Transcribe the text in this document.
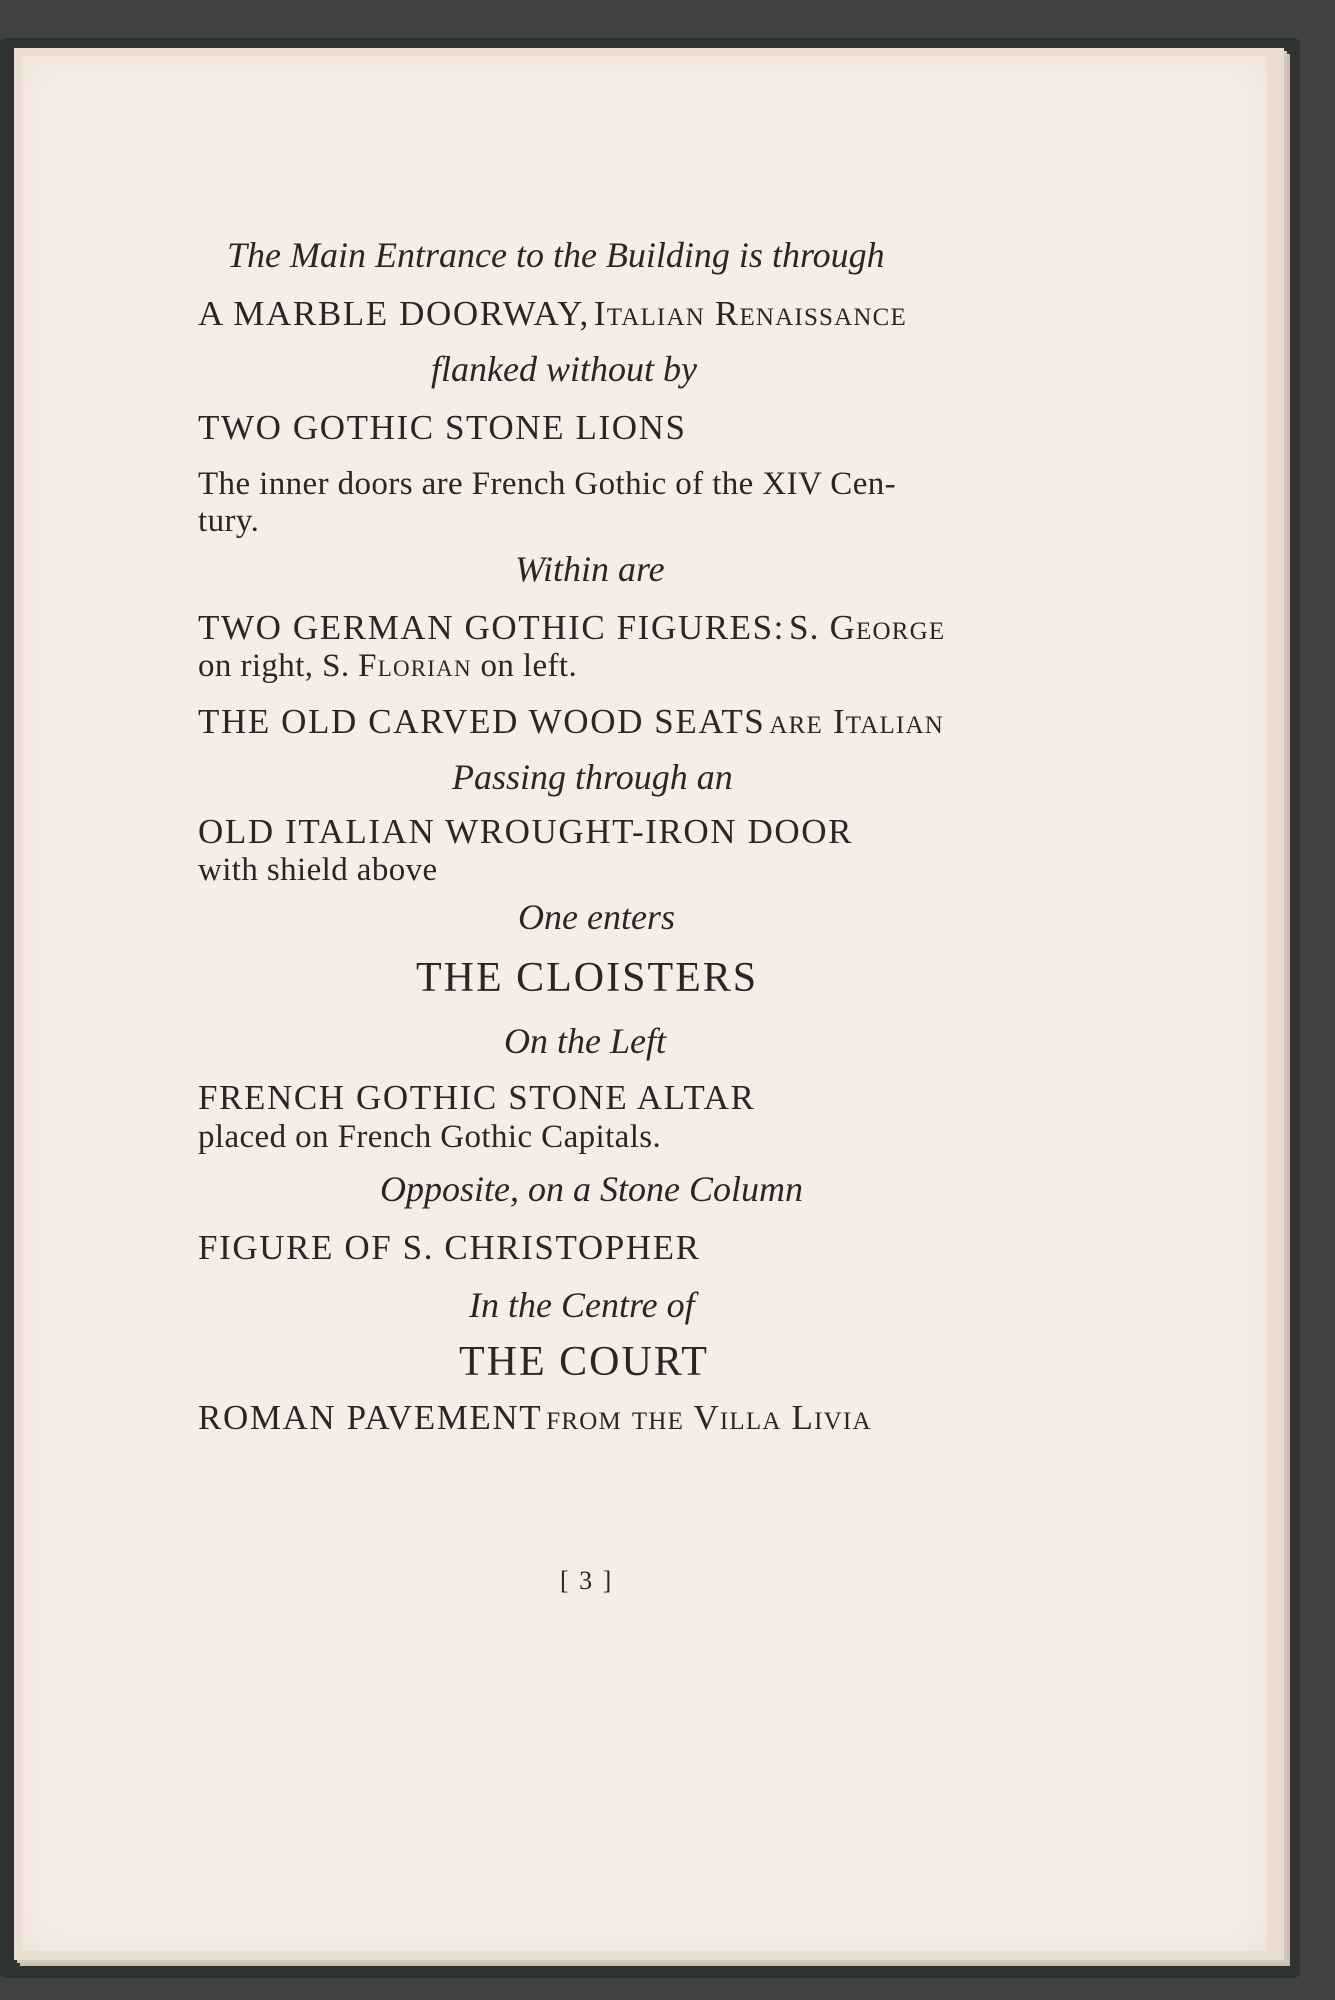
The Main Entrance to the Building is through
A MARBLE DOORWAY, Italian Renaissance
flanked without by
TWO GOTHIC STONE LIONS
The inner doors are French Gothic of the XIV Cen-
tury.
Within are
TWO GERMAN GOTHIC FIGURES: S. George
on right, S. Florian on left.
THE OLD CARVED WOOD SEATS are Italian
Passing through an
OLD ITALIAN WROUGHT-IRON DOOR
with shield above
One enters
THE CLOISTERS
On the Left
FRENCH GOTHIC STONE ALTAR
placed on French Gothic Capitals.
Opposite, on a Stone Column
FIGURE OF S. CHRISTOPHER
In the Centre of
THE COURT
ROMAN PAVEMENT from the Villa Livia
[ 3 ]
